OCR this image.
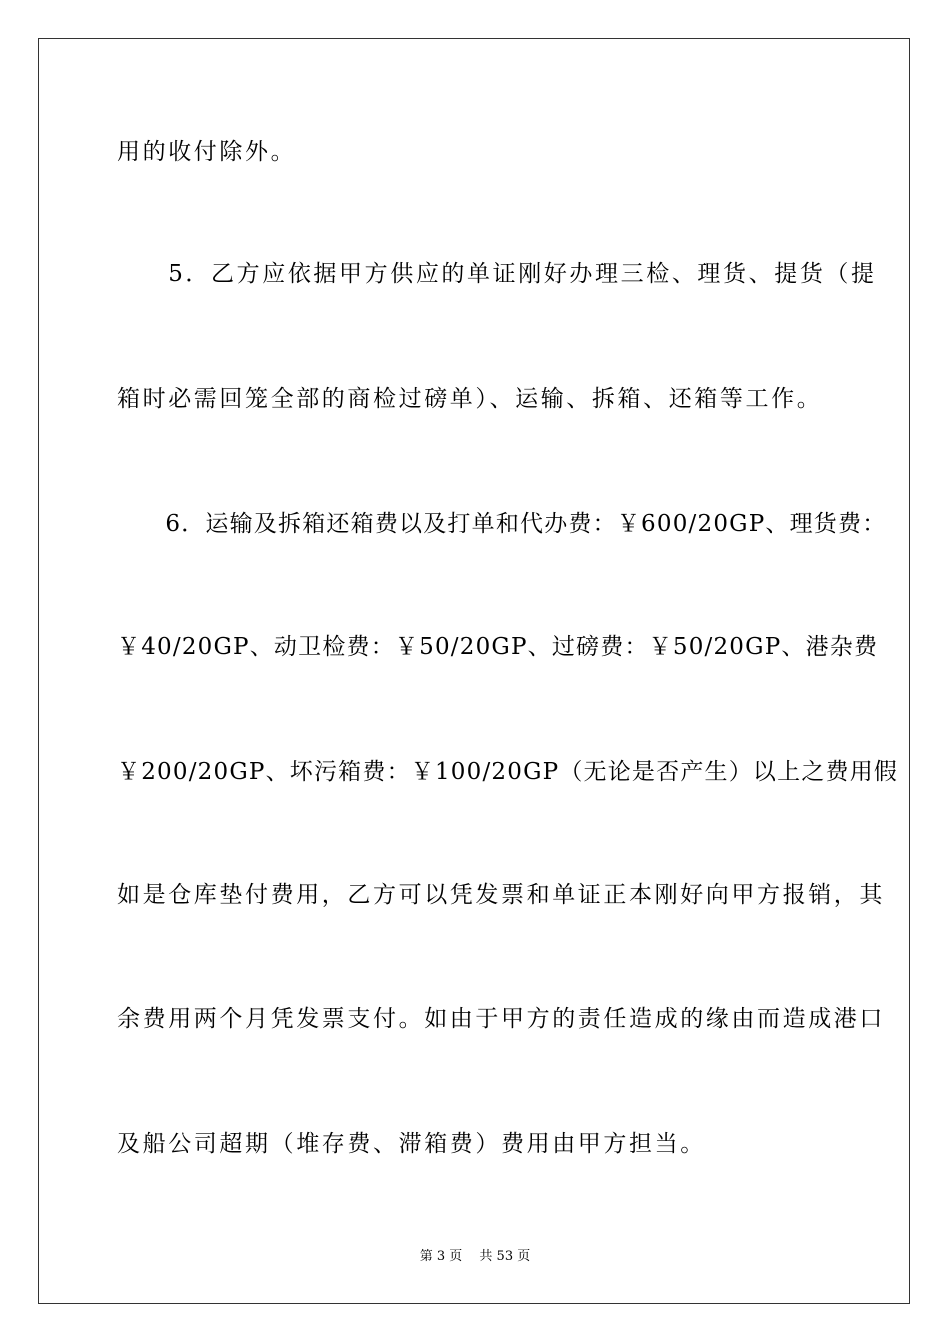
用的收付除外。
　　5．乙方应依据甲方供应的单证刚好办理三检、理货、提货（提
箱时必需回笼全部的商检过磅单）、运输、拆箱、还箱等工作。
　　6．运输及拆箱还箱费以及打单和代办费：￥600/20GP、理货费：
￥40/20GP、动卫检费：￥50/20GP、过磅费：￥50/20GP、港杂费
￥200/20GP、坏污箱费：￥100/20GP（无论是否产生）以上之费用假
如是仓库垫付费用，乙方可以凭发票和单证正本刚好向甲方报销，其
余费用两个月凭发票支付。如由于甲方的责任造成的缘由而造成港口
及船公司超期（堆存费、滞箱费）费用由甲方担当。
第 3 页　 共 53 页
